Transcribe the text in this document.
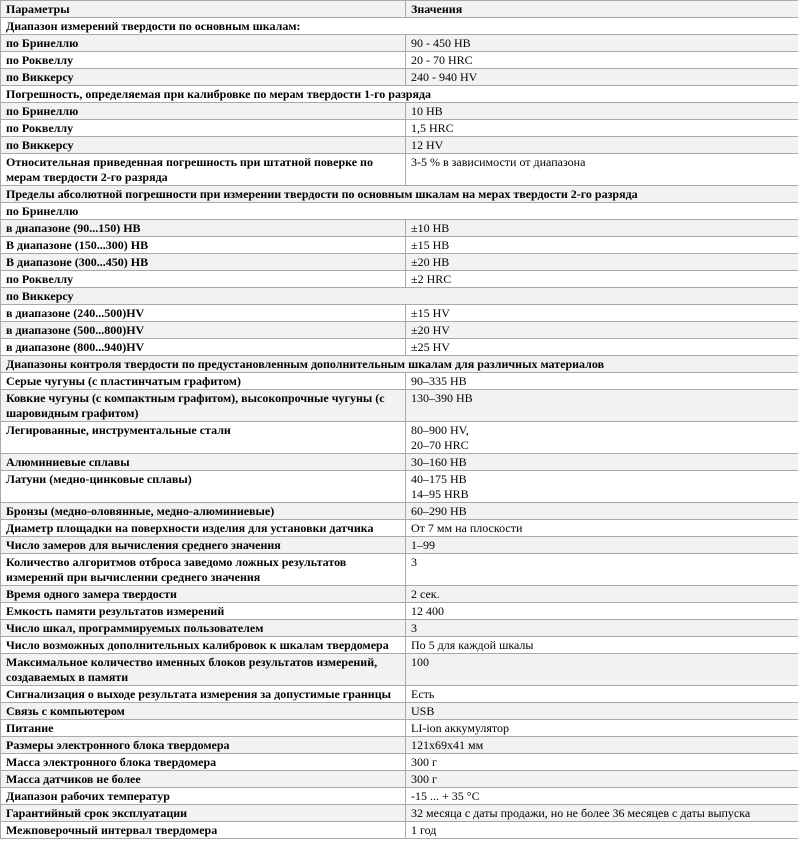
Параметры	Значения
Диапазон измерений твердости по основным шкалам:	
по Бринеллю	90 - 450 HB
по Роквеллу	20 - 70 HRC
по Виккерсу	240 - 940 HV
Погрешность, определяемая при калибровке по мерам твердости 1-го разряда	
по Бринеллю	10 HB
по Роквеллу	1,5 HRC
по Виккерсу	12 HV
Относительная приведенная погрешность при штатной поверке по мерам твердости 2-го разряда	3-5 % в зависимости от диапазона
Пределы абсолютной погрешности при измерении твердости по основным шкалам на мерах твердости 2-го разряда	
по Бринеллю	
в диапазоне (90...150) НВ	±10 HB
В диапазоне (150...300) НВ	±15 HB
В диапазоне (300...450) НВ	±20 HB
по Роквеллу	±2 HRC
по Виккерсу	
в диапазоне (240...500)HV	±15 HV
в диапазоне (500...800)HV	±20 HV
в диапазоне (800...940)HV	±25 HV
Диапазоны контроля твердости по предустановленным дополнительным шкалам для различных материалов	
Серые чугуны (с пластинчатым графитом)	90–335 HB
Ковкие чугуны (с компактным графитом), высокопрочные чугуны (с шаровидным графитом)	130–390 HB
Легированные, инструментальные стали	80–900 HV,
20–70 HRC
Алюминиевые сплавы	30–160 HB
Латуни (медно-цинковые сплавы)	40–175 HB
14–95 HRB
Бронзы (медно-оловянные, медно-алюминиевые)	60–290 HB
Диаметр площадки на поверхности изделия для установки датчика	От 7 мм на плоскости
Число замеров для вычисления среднего значения	1–99
Количество алгоритмов отброса заведомо ложных результатов измерений при вычислении среднего значения	3
Время одного замера твердости	2 сек.
Емкость памяти результатов измерений	12 400
Число шкал, программируемых пользователем	3
Число возможных дополнительных калибровок к шкалам твердомера	По 5 для каждой шкалы
Максимальное количество именных блоков результатов измерений, создаваемых в памяти	100
Сигнализация о выходе результата измерения за допустимые границы	Есть
Связь с компьютером	USB
Питание	LI-ion аккумулятор
Размеры электронного блока твердомера	121х69х41 мм
Масса электронного блока твердомера	300 г
Масса датчиков не более	300 г
Диапазон рабочих температур	-15 ... + 35 °С
Гарантийный срок эксплуатации	32 месяца с даты продажи, но не более 36 месяцев с даты выпуска
Межповерочный интервал твердомера	1 год
